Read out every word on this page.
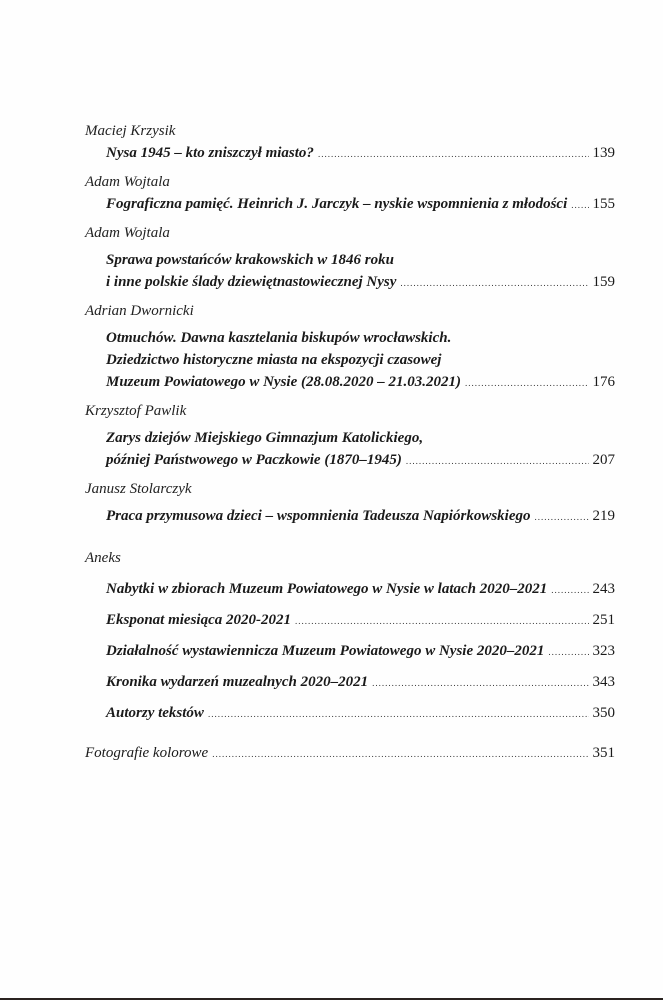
Maciej Krzysik
Nysa 1945 – kto zniszczył miasto? .....	139
Adam Wojtala
Fograficzna pamięć. Heinrich J. Jarczyk – nyskie wspomnienia z młodości ..... 155
Adam Wojtala
Sprawa powstańców krakowskich w 1846 roku
i inne polskie ślady dziewiętnastowiecznej Nysy .....	159
Adrian Dwornicki
Otmuchów. Dawna kasztelania biskupów wrocławskich.
Dziedzictwo historyczne miasta na ekspozycji czasowej
Muzeum Powiatowego w Nysie (28.08.2020 – 21.03.2021) .....	176
Krzysztof Pawlik
Zarys dziejów Miejskiego Gimnazjum Katolickiego,
później Państwowego w Paczkowie (1870–1945) .....	207
Janusz Stolarczyk
Praca przymusowa dzieci – wspomnienia Tadeusza Napiórkowskiego .....	219
Aneks
Nabytki w zbiorach Muzeum Powiatowego w Nysie w latach 2020–2021 .....	243
Eksponat miesiąca 2020-2021 .....	251
Działalność wystawiennicza Muzeum Powiatowego w Nysie 2020–2021 .....	323
Kronika wydarzeń muzealnych 2020–2021 .....	343
Autorzy tekstów .....	350
Fotografie kolorowe .....	351
